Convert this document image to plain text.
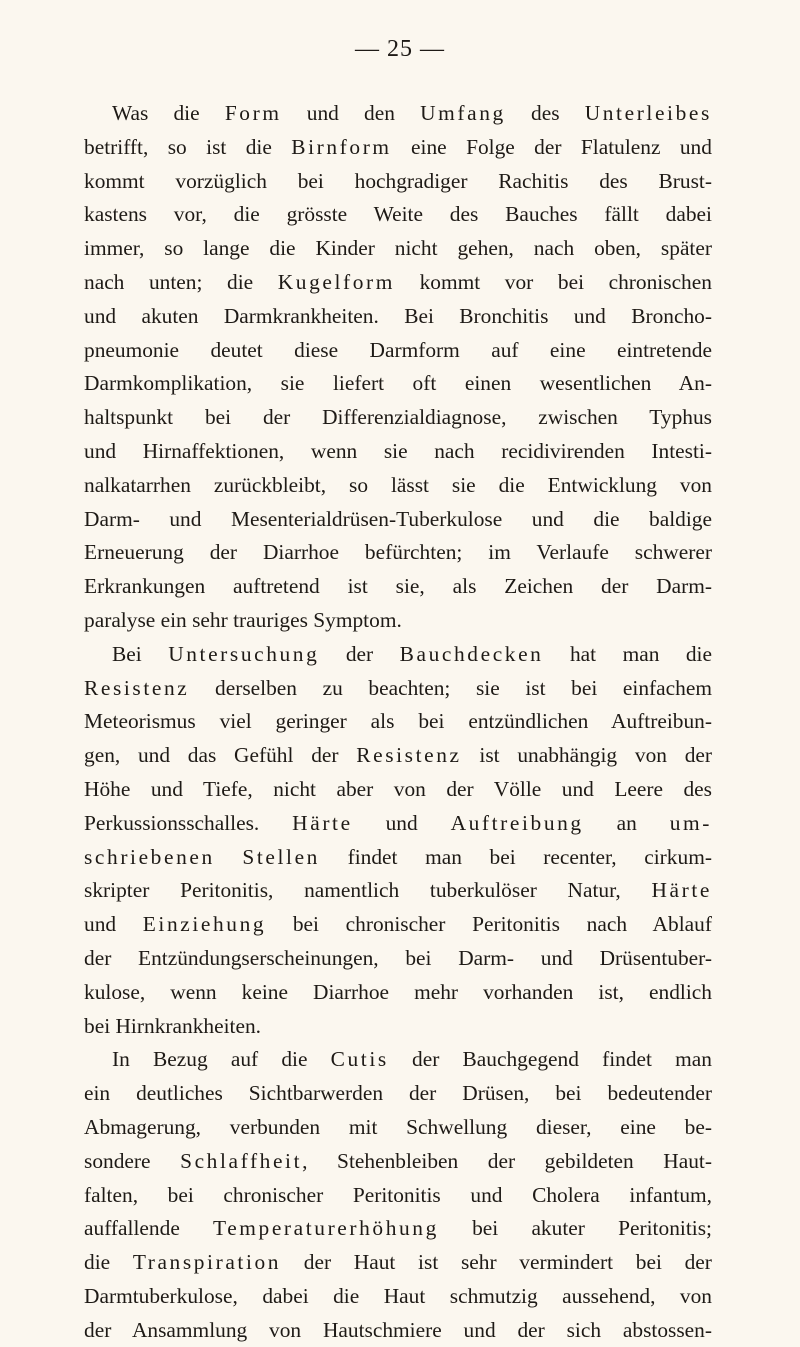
— 25 —
Was die Form und den Umfang des Unterleibes
betrifft, so ist die Birnform eine Folge der Flatulenz und
kommt vorzüglich bei hochgradiger Rachitis des Brust-
kastens vor, die grösste Weite des Bauches fällt dabei
immer, so lange die Kinder nicht gehen, nach oben, später
nach unten; die Kugelform kommt vor bei chronischen
und akuten Darmkrankheiten. Bei Bronchitis und Broncho-
pneumonie deutet diese Darmform auf eine eintretende
Darmkomplikation, sie liefert oft einen wesentlichen An-
haltspunkt bei der Differenzialdiagnose, zwischen Typhus
und Hirnaffektionen, wenn sie nach recidivirenden Intesti-
nalkatarrhen zurückbleibt, so lässt sie die Entwicklung von
Darm- und Mesenterialdrüsen-Tuberkulose und die baldige
Erneuerung der Diarrhoe befürchten; im Verlaufe schwerer
Erkrankungen auftretend ist sie, als Zeichen der Darm-
paralyse ein sehr trauriges Symptom.
Bei Untersuchung der Bauchdecken hat man die
Resistenz derselben zu beachten; sie ist bei einfachem
Meteorismus viel geringer als bei entzündlichen Auftreibun-
gen, und das Gefühl der Resistenz ist unabhängig von der
Höhe und Tiefe, nicht aber von der Völle und Leere des
Perkussionsschalles. Härte und Auftreibung an um-
schriebenen Stellen findet man bei recenter, cirkum-
skripter Peritonitis, namentlich tuberkulöser Natur, Härte
und Einziehung bei chronischer Peritonitis nach Ablauf
der Entzündungserscheinungen, bei Darm- und Drüsentuber-
kulose, wenn keine Diarrhoe mehr vorhanden ist, endlich
bei Hirnkrankheiten.
In Bezug auf die Cutis der Bauchgegend findet man
ein deutliches Sichtbarwerden der Drüsen, bei bedeutender
Abmagerung, verbunden mit Schwellung dieser, eine be-
sondere Schlaffheit, Stehenbleiben der gebildeten Haut-
falten, bei chronischer Peritonitis und Cholera infantum,
auffallende Temperaturerhöhung bei akuter Peritonitis;
die Transpiration der Haut ist sehr vermindert bei der
Darmtuberkulose, dabei die Haut schmutzig aussehend, von
der Ansammlung von Hautschmiere und der sich abstossen-
